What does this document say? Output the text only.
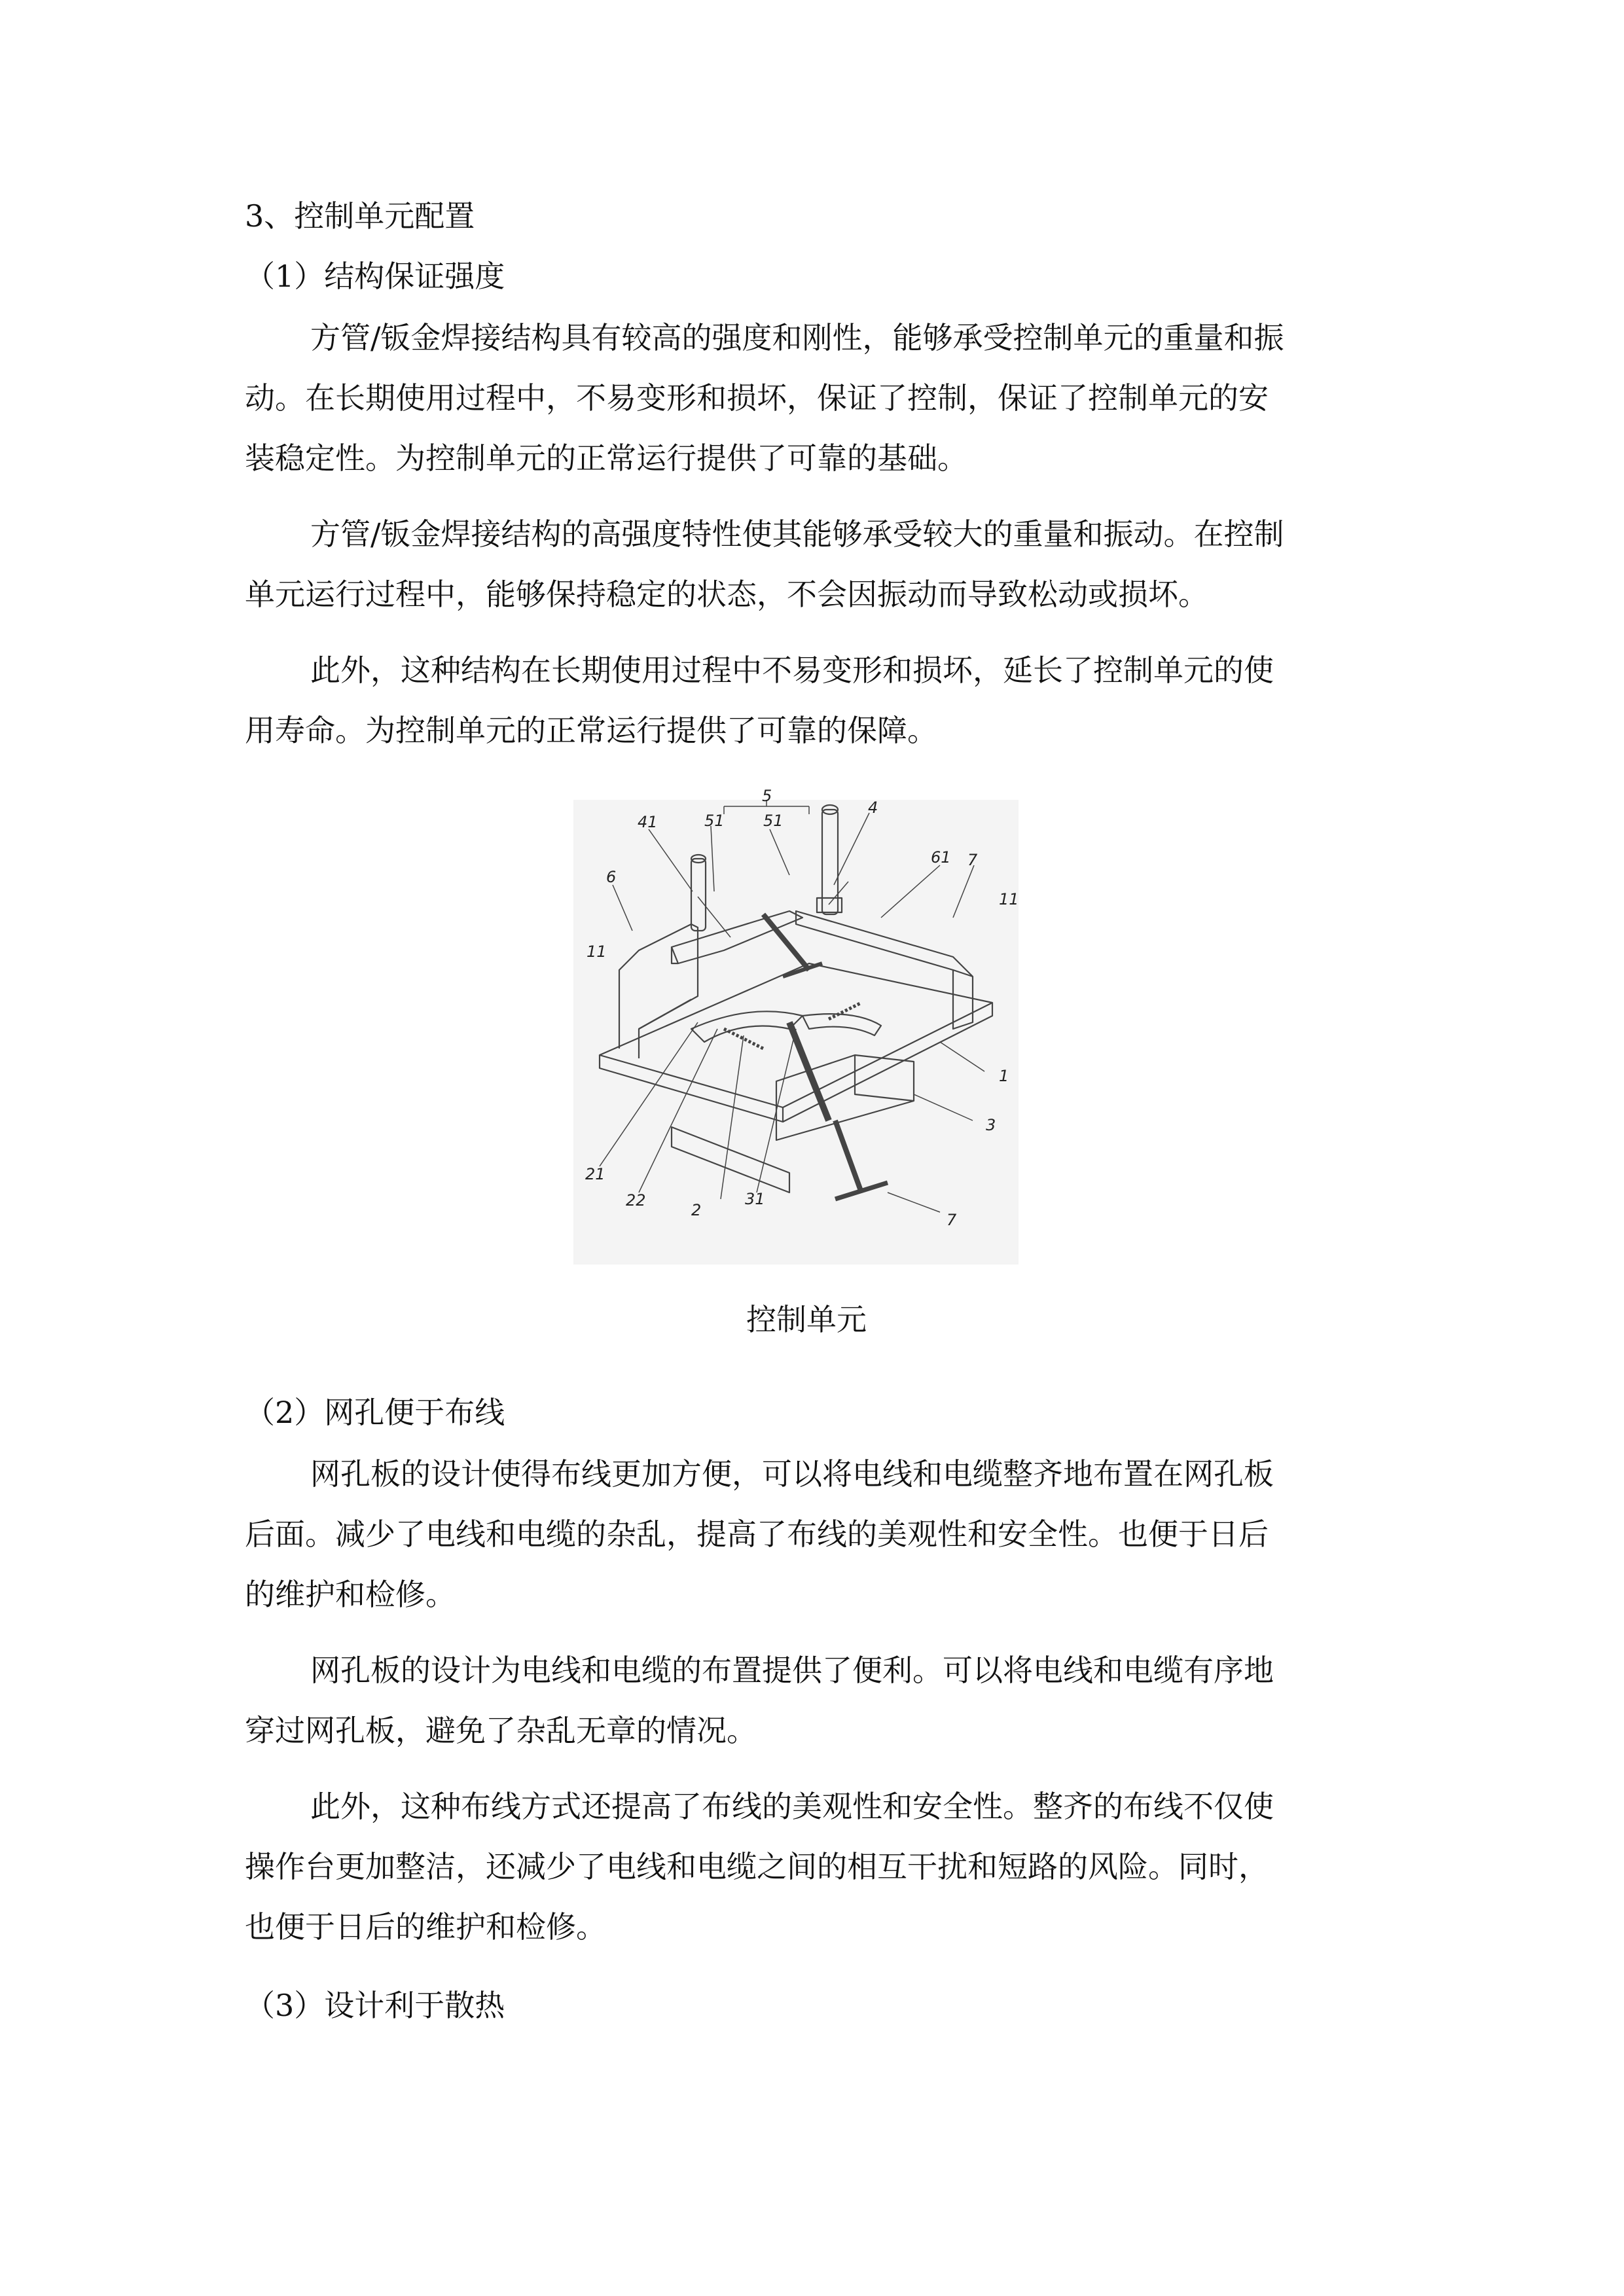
3、控制单元配置
（1）结构保证强度
方管/钣金焊接结构具有较高的强度和刚性，能够承受控制单元的重量和振
动。在长期使用过程中，不易变形和损坏，保证了控制，保证了控制单元的安
装稳定性。为控制单元的正常运行提供了可靠的基础。
方管/钣金焊接结构的高强度特性使其能够承受较大的重量和振动。在控制
单元运行过程中，能够保持稳定的状态，不会因振动而导致松动或损坏。
此外，这种结构在长期使用过程中不易变形和损坏，延长了控制单元的使
用寿命。为控制单元的正常运行提供了可靠的保障。
5
4
41	51 51
61 7
11
6
11
1
3
21
22
2
31
7
控制单元
（2）网孔便于布线
网孔板的设计使得布线更加方便，可以将电线和电缆整齐地布置在网孔板
后面。减少了电线和电缆的杂乱，提高了布线的美观性和安全性。也便于日后
的维护和检修。
网孔板的设计为电线和电缆的布置提供了便利。可以将电线和电缆有序地
穿过网孔板，避免了杂乱无章的情况。
此外，这种布线方式还提高了布线的美观性和安全性。整齐的布线不仅使
操作台更加整洁，还减少了电线和电缆之间的相互干扰和短路的风险。同时，
也便于日后的维护和检修。
（3）设计利于散热
